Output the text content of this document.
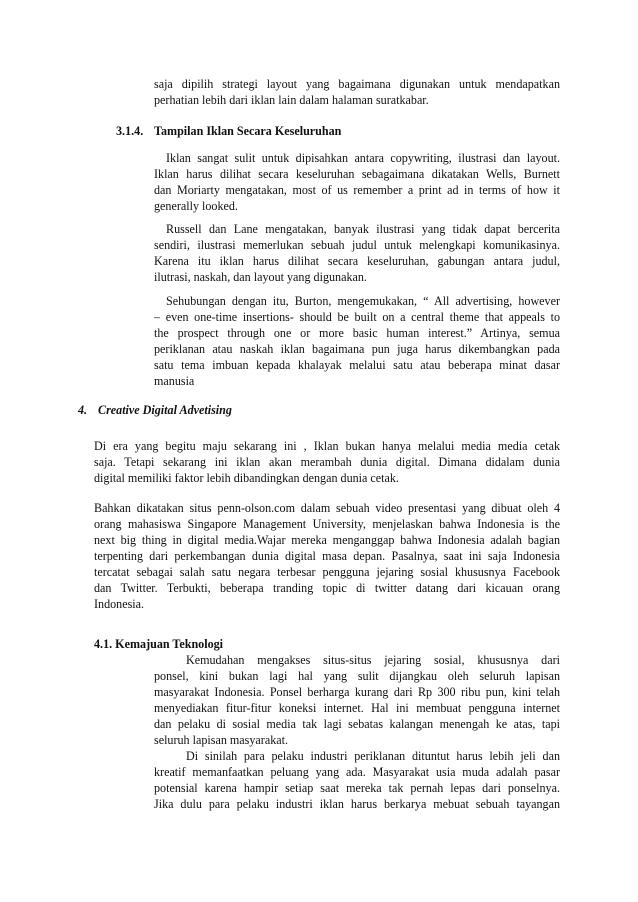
saja dipilih strategi layout yang bagaimana digunakan untuk mendapatkan
perhatian lebih dari iklan lain dalam halaman suratkabar.
3.1.4. Tampilan Iklan Secara Keseluruhan
Iklan sangat sulit untuk dipisahkan antara copywriting, ilustrasi dan layout.
Iklan harus dilihat secara keseluruhan sebagaimana dikatakan Wells, Burnett
dan Moriarty mengatakan, most of us remember a print ad in terms of how it
generally looked.
Russell dan Lane mengatakan, banyak ilustrasi yang tidak dapat bercerita
sendiri, ilustrasi memerlukan sebuah judul untuk melengkapi komunikasinya.
Karena itu iklan harus dilihat secara keseluruhan, gabungan antara judul,
ilutrasi, naskah, dan layout yang digunakan.
Sehubungan dengan itu, Burton, mengemukakan, “ All advertising, however
– even one-time insertions- should be built on a central theme that appeals to
the prospect through one or more basic human interest.” Artinya, semua
periklanan atau naskah iklan bagaimana pun juga harus dikembangkan pada
satu tema imbuan kepada khalayak melalui satu atau beberapa minat dasar
manusia
4. Creative Digital Advetising
Di era yang begitu maju sekarang ini , Iklan bukan hanya melalui media media cetak
saja. Tetapi sekarang ini iklan akan merambah dunia digital. Dimana didalam dunia
digital memiliki faktor lebih dibandingkan dengan dunia cetak.
Bahkan dikatakan situs penn-olson.com dalam sebuah video presentasi yang dibuat oleh 4
orang mahasiswa Singapore Management University, menjelaskan bahwa Indonesia is the
next big thing in digital media.Wajar mereka menganggap bahwa Indonesia adalah bagian
terpenting dari perkembangan dunia digital masa depan. Pasalnya, saat ini saja Indonesia
tercatat sebagai salah satu negara terbesar pengguna jejaring sosial khususnya Facebook
dan Twitter. Terbukti, beberapa tranding topic di twitter datang dari kicauan orang
Indonesia.
4.1. Kemajuan Teknologi
Kemudahan mengakses situs-situs jejaring sosial, khususnya dari
ponsel, kini bukan lagi hal yang sulit dijangkau oleh seluruh lapisan
masyarakat Indonesia. Ponsel berharga kurang dari Rp 300 ribu pun, kini telah
menyediakan fitur-fitur koneksi internet. Hal ini membuat pengguna internet
dan pelaku di sosial media tak lagi sebatas kalangan menengah ke atas, tapi
seluruh lapisan masyarakat.
Di sinilah para pelaku industri periklanan dituntut harus lebih jeli dan
kreatif memanfaatkan peluang yang ada. Masyarakat usia muda adalah pasar
potensial karena hampir setiap saat mereka tak pernah lepas dari ponselnya.
Jika dulu para pelaku industri iklan harus berkarya mebuat sebuah tayangan
